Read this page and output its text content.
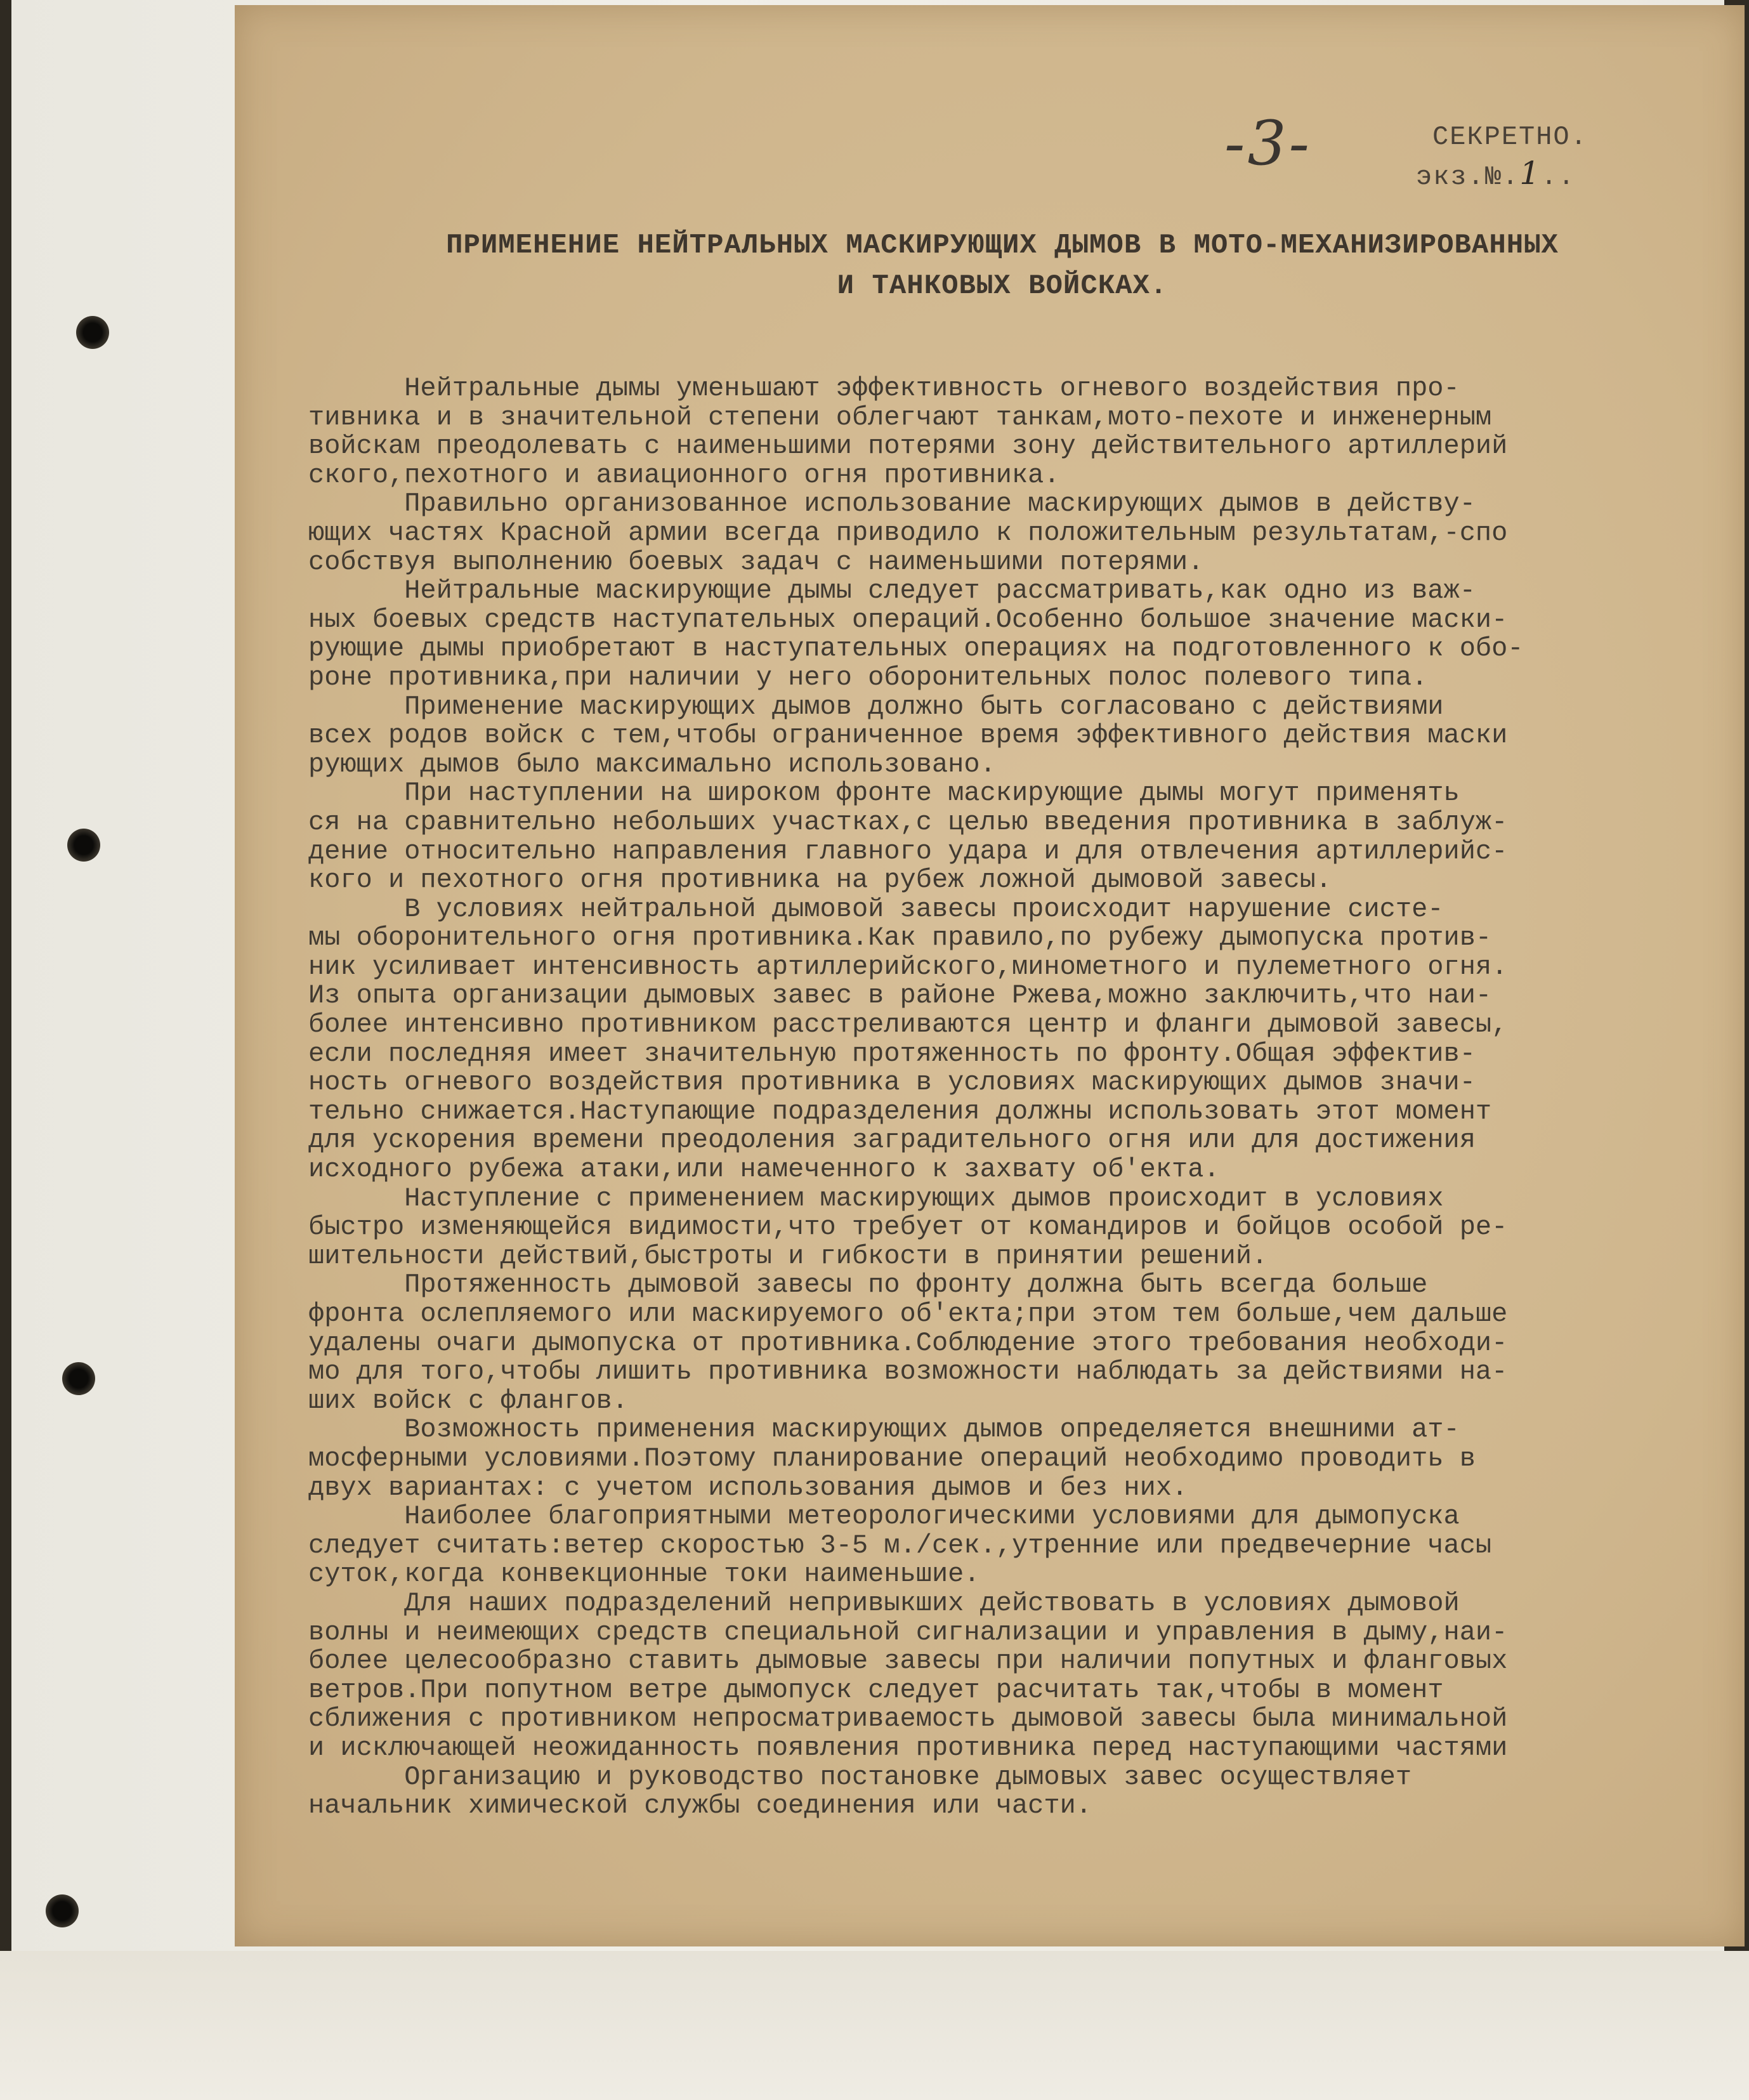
-3-	СЕКРЕТНО.
экз.№.1..
ПРИМЕНЕНИЕ НЕЙТРАЛЬНЫХ МАСКИРУЮЩИХ ДЫМОВ В МОТО-МЕХАНИЗИРОВАННЫХ
И ТАНКОВЫХ ВОЙСКАХ.
Нейтральные дымы уменьшают эффективность огневого воздействия про-
тивника и в значительной степени облегчают танкам,мото-пехоте и инженерным
войскам преодолевать с наименьшими потерями зону действительного артиллерий
ского,пехотного и авиационного огня противника.
Правильно организованное использование маскирующих дымов в действу-
ющих частях Красной армии всегда приводило к положительным результатам,-спо
собствуя выполнению боевых задач с наименьшими потерями.
Нейтральные маскирующие дымы следует рассматривать,как одно из важ-
ных боевых средств наступательных операций.Особенно большое значение маски-
рующие дымы приобретают в наступательных операциях на подготовленного к обо-
роне противника,при наличии у него оборонительных полос полевого типа.
Применение маскирующих дымов должно быть согласовано с действиями
всех родов войск с тем,чтобы ограниченное время эффективного действия маски
рующих дымов было максимально использовано.
При наступлении на широком фронте маскирующие дымы могут применять
ся на сравнительно небольших участках,с целью введения противника в заблуж-
дение относительно направления главного удара и для отвлечения артиллерийс-
кого и пехотного огня противника на рубеж ложной дымовой завесы.
В условиях нейтральной дымовой завесы происходит нарушение систе-
мы оборонительного огня противника.Как правило,по рубежу дымопуска против-
ник усиливает интенсивность артиллерийского,минометного и пулеметного огня.
Из опыта организации дымовых завес в районе Ржева,можно заключить,что наи-
более интенсивно противником расстреливаются центр и фланги дымовой завесы,
если последняя имеет значительную протяженность по фронту.Общая эффектив-
ность огневого воздействия противника в условиях маскирующих дымов значи-
тельно снижается.Наступающие подразделения должны использовать этот момент
для ускорения времени преодоления заградительного огня или для достижения
исходного рубежа атаки,или намеченного к захвату об'екта.
Наступление с применением маскирующих дымов происходит в условиях
быстро изменяющейся видимости,что требует от командиров и бойцов особой ре-
шительности действий,быстроты и гибкости в принятии решений.
Протяженность дымовой завесы по фронту должна быть всегда больше
фронта ослепляемого или маскируемого об'екта;при этом тем больше,чем дальше
удалены очаги дымопуска от противника.Соблюдение этого требования необходи-
мо для того,чтобы лишить противника возможности наблюдать за действиями на-
ших войск с флангов.
Возможность применения маскирующих дымов определяется внешними ат-
мосферными условиями.Поэтому планирование операций необходимо проводить в
двух вариантах: с учетом использования дымов и без них.
Наиболее благоприятными метеорологическими условиями для дымопуска
следует считать:ветер скоростью 3-5 м./сек.,утренние или предвечерние часы
суток,когда конвекционные токи наименьшие.
Для наших подразделений непривыкших действовать в условиях дымовой
волны и неимеющих средств специальной сигнализации и управления в дыму,наи-
более целесообразно ставить дымовые завесы при наличии попутных и фланговых
ветров.При попутном ветре дымопуск следует расчитать так,чтобы в момент
сближения с противником непросматриваемость дымовой завесы была минимальной
и исключающей неожиданность появления противника перед наступающими частями
Организацию и руководство постановке дымовых завес осуществляет
начальник химической службы соединения или части.
